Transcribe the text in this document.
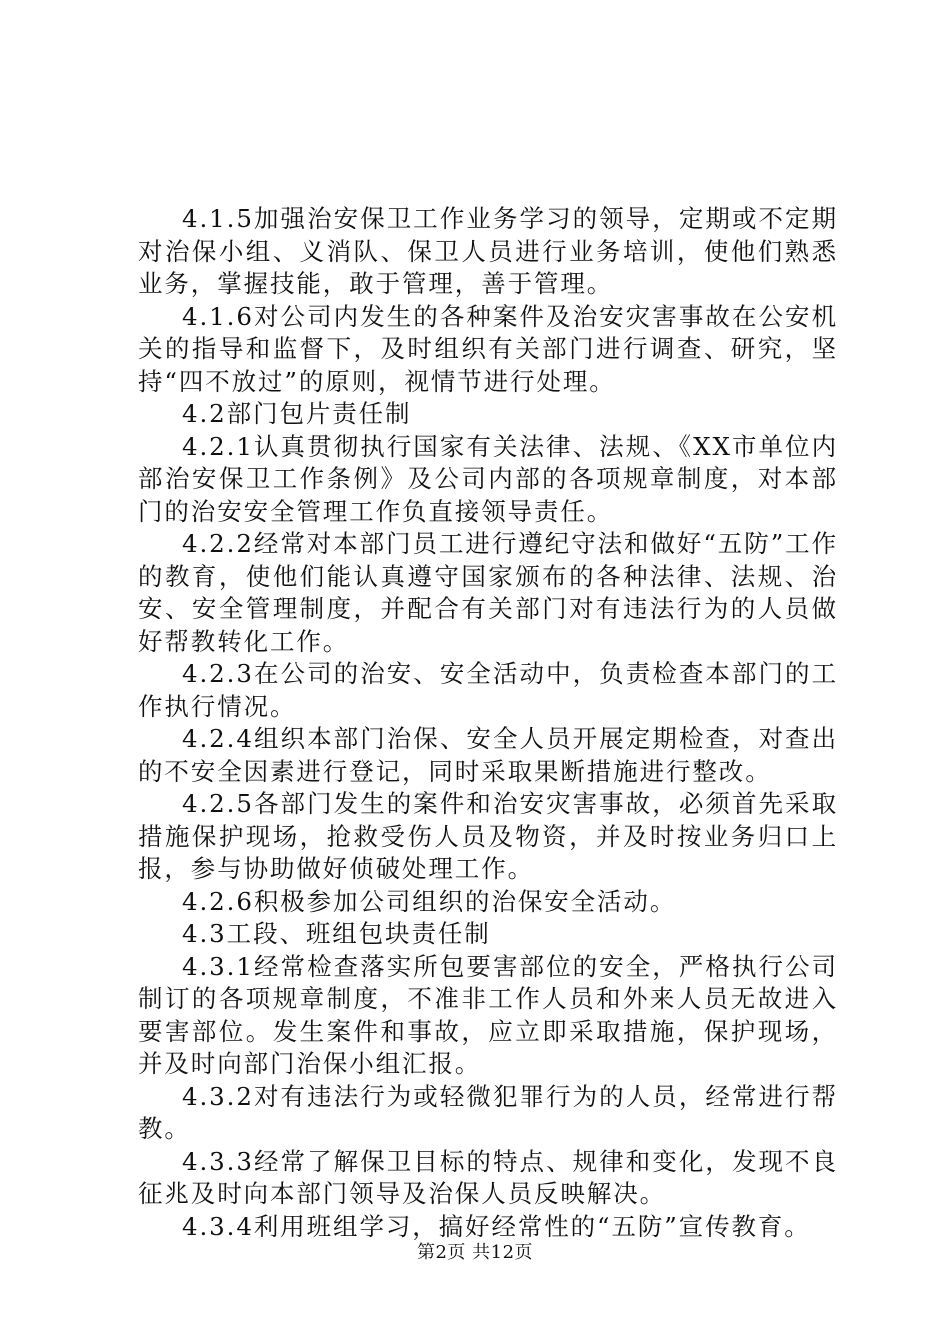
4.1.5加强治安保卫工作业务学习的领导，定期或不定期对治保小组、义消队、保卫人员进行业务培训，使他们熟悉业务，掌握技能，敢于管理，善于管理。

4.1.6对公司内发生的各种案件及治安灾害事故在公安机关的指导和监督下，及时组织有关部门进行调查、研究，坚持“四不放过”的原则，视情节进行处理。

4.2部门包片责任制

4.2.1认真贯彻执行国家有关法律、法规、《XX市单位内部治安保卫工作条例》及公司内部的各项规章制度，对本部门的治安安全管理工作负直接领导责任。

4.2.2经常对本部门员工进行遵纪守法和做好“五防”工作的教育，使他们能认真遵守国家颁布的各种法律、法规、治安、安全管理制度，并配合有关部门对有违法行为的人员做好帮教转化工作。

4.2.3在公司的治安、安全活动中，负责检查本部门的工作执行情况。

4.2.4组织本部门治保、安全人员开展定期检查，对查出的不安全因素进行登记，同时采取果断措施进行整改。

4.2.5各部门发生的案件和治安灾害事故，必须首先采取措施保护现场，抢救受伤人员及物资，并及时按业务归口上报，参与协助做好侦破处理工作。

4.2.6积极参加公司组织的治保安全活动。

4.3工段、班组包块责任制

4.3.1经常检查落实所包要害部位的安全，严格执行公司制订的各项规章制度，不准非工作人员和外来人员无故进入要害部位。发生案件和事故，应立即采取措施，保护现场，并及时向部门治保小组汇报。

4.3.2对有违法行为或轻微犯罪行为的人员，经常进行帮教。

4.3.3经常了解保卫目标的特点、规律和变化，发现不良征兆及时向本部门领导及治保人员反映解决。

4.3.4利用班组学习，搞好经常性的“五防”宣传教育。

第2页 共12页
